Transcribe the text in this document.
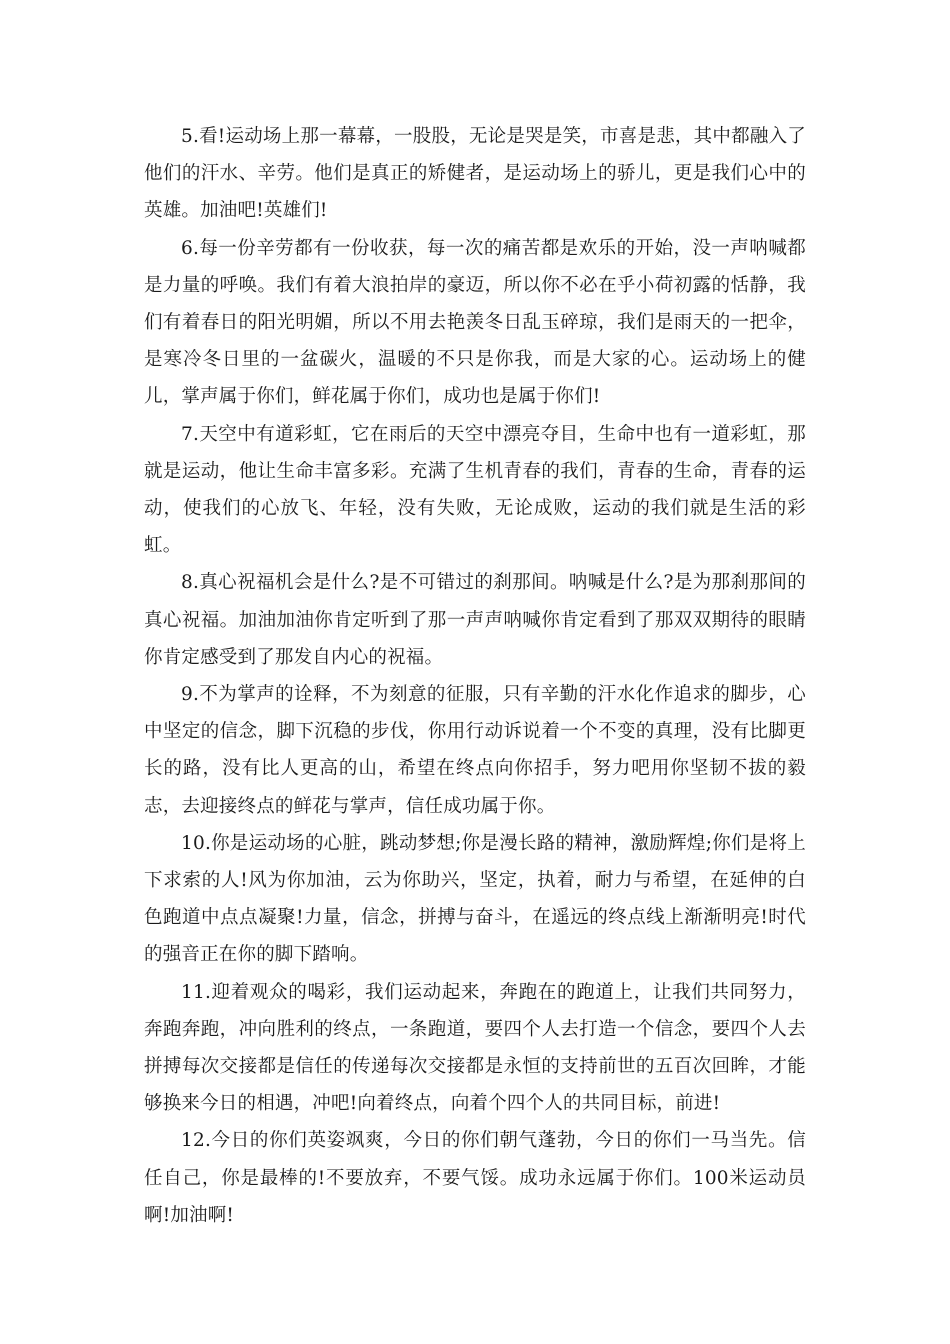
5.看!运动场上那一幕幕，一股股，无论是哭是笑，市喜是悲，其中都融入了他们的汗水、辛劳。他们是真正的矫健者，是运动场上的骄儿，更是我们心中的英雄。加油吧!英雄们!

6.每一份辛劳都有一份收获，每一次的痛苦都是欢乐的开始，没一声呐喊都是力量的呼唤。我们有着大浪拍岸的豪迈，所以你不必在乎小荷初露的恬静，我们有着春日的阳光明媚，所以不用去艳羡冬日乱玉碎琼，我们是雨天的一把伞，是寒冷冬日里的一盆碳火，温暖的不只是你我，而是大家的心。运动场上的健儿，掌声属于你们，鲜花属于你们，成功也是属于你们!

7.天空中有道彩虹，它在雨后的天空中漂亮夺目，生命中也有一道彩虹，那就是运动，他让生命丰富多彩。充满了生机青春的我们，青春的生命，青春的运动，使我们的心放飞、年轻，没有失败，无论成败，运动的我们就是生活的彩虹。

8.真心祝福机会是什么?是不可错过的刹那间。呐喊是什么?是为那刹那间的真心祝福。加油加油你肯定听到了那一声声呐喊你肯定看到了那双双期待的眼睛你肯定感受到了那发自内心的祝福。

9.不为掌声的诠释，不为刻意的征服，只有辛勤的汗水化作追求的脚步，心中坚定的信念，脚下沉稳的步伐，你用行动诉说着一个不变的真理，没有比脚更长的路，没有比人更高的山，希望在终点向你招手，努力吧用你坚韧不拔的毅志，去迎接终点的鲜花与掌声，信任成功属于你。

10.你是运动场的心脏，跳动梦想;你是漫长路的精神，激励辉煌;你们是将上下求索的人!风为你加油，云为你助兴，坚定，执着，耐力与希望，在延伸的白色跑道中点点凝聚!力量，信念，拼搏与奋斗，在遥远的终点线上渐渐明亮!时代的强音正在你的脚下踏响。

11.迎着观众的喝彩，我们运动起来，奔跑在的跑道上，让我们共同努力，奔跑奔跑，冲向胜利的终点，一条跑道，要四个人去打造一个信念，要四个人去拼搏每次交接都是信任的传递每次交接都是永恒的支持前世的五百次回眸，才能够换来今日的相遇，冲吧!向着终点，向着个四个人的共同目标，前进!

12.今日的你们英姿飒爽，今日的你们朝气蓬勃，今日的你们一马当先。信任自己，你是最棒的!不要放弃，不要气馁。成功永远属于你们。100米运动员啊!加油啊!
